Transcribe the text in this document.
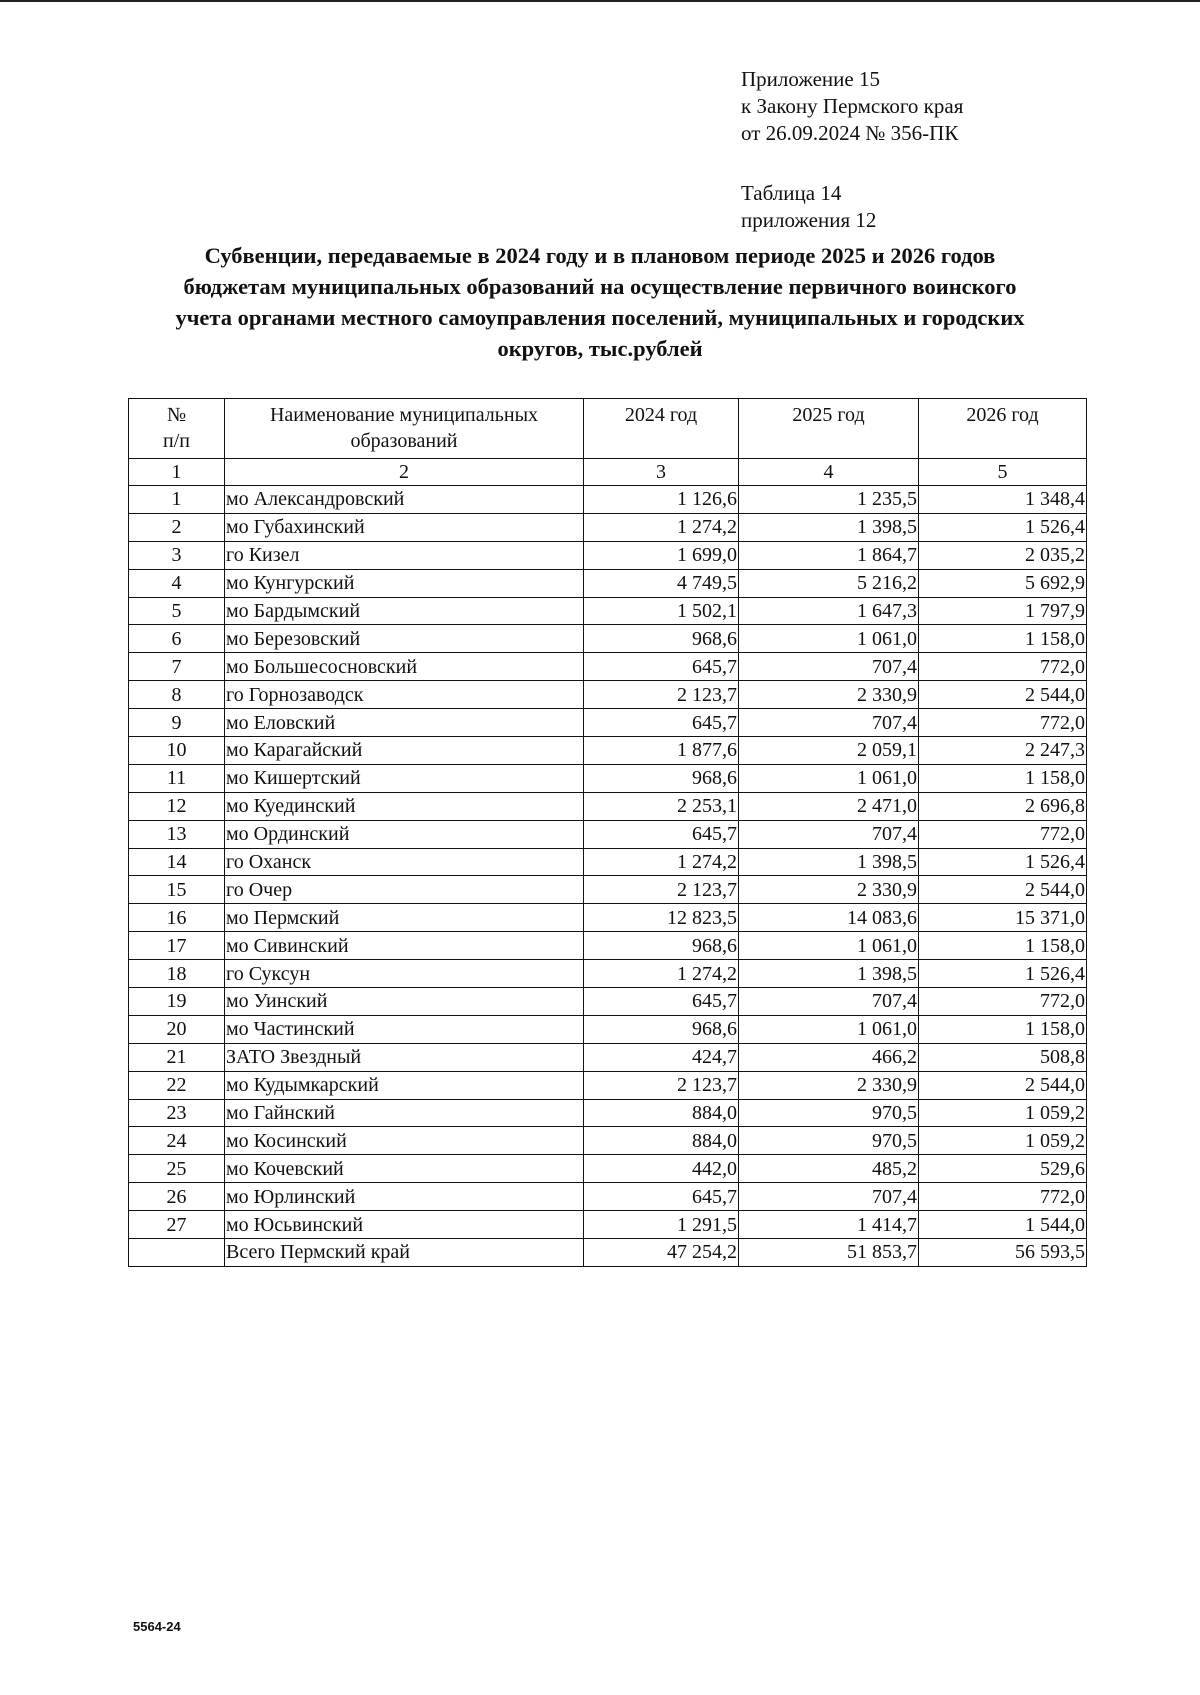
Приложение 15
к Закону Пермского края
от 26.09.2024 № 356-ПК
Таблица 14
приложения 12
Субвенции, передаваемые в 2024 году и в плановом периоде 2025 и 2026 годов
бюджетам муниципальных образований на осуществление первичного воинского
учета органами местного самоуправления поселений, муниципальных и городских
округов, тыс.рублей
№ п/п	Наименование муниципальных образований	2024 год	2025 год	2026 год
1	2	3	4	5
1	мо Александровский	1 126,6	1 235,5	1 348,4
2	мо Губахинский	1 274,2	1 398,5	1 526,4
3	го Кизел	1 699,0	1 864,7	2 035,2
4	мо Кунгурский	4 749,5	5 216,2	5 692,9
5	мо Бардымский	1 502,1	1 647,3	1 797,9
6	мо Березовский	968,6	1 061,0	1 158,0
7	мо Большесосновский	645,7	707,4	772,0
8	го Горнозаводск	2 123,7	2 330,9	2 544,0
9	мо Еловский	645,7	707,4	772,0
10	мо Карагайский	1 877,6	2 059,1	2 247,3
11	мо Кишертский	968,6	1 061,0	1 158,0
12	мо Куединский	2 253,1	2 471,0	2 696,8
13	мо Ординский	645,7	707,4	772,0
14	го Оханск	1 274,2	1 398,5	1 526,4
15	го Очер	2 123,7	2 330,9	2 544,0
16	мо Пермский	12 823,5	14 083,6	15 371,0
17	мо Сивинский	968,6	1 061,0	1 158,0
18	го Суксун	1 274,2	1 398,5	1 526,4
19	мо Уинский	645,7	707,4	772,0
20	мо Частинский	968,6	1 061,0	1 158,0
21	ЗАТО Звездный	424,7	466,2	508,8
22	мо Кудымкарский	2 123,7	2 330,9	2 544,0
23	мо Гайнский	884,0	970,5	1 059,2
24	мо Косинский	884,0	970,5	1 059,2
25	мо Кочевский	442,0	485,2	529,6
26	мо Юрлинский	645,7	707,4	772,0
27	мо Юсьвинский	1 291,5	1 414,7	1 544,0
	Всего Пермский край	47 254,2	51 853,7	56 593,5
5564-24
